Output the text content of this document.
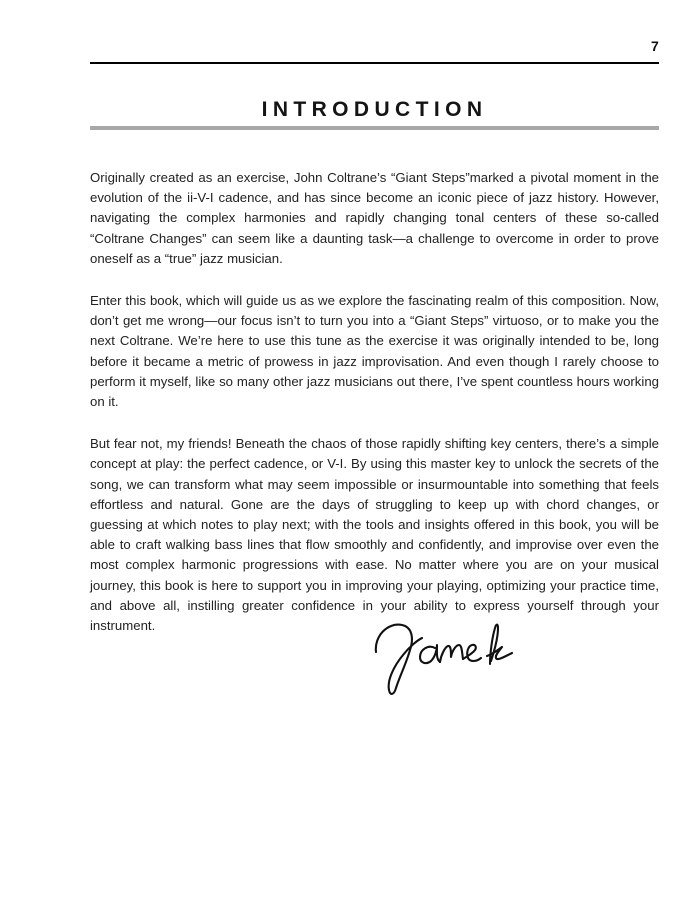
7
INTRODUCTION

Originally created as an exercise, John Coltrane’s “Giant Steps”marked a pivotal moment in the evolution of the ii-V-I cadence, and has since become an iconic piece of jazz history. However, navigating the complex harmonies and rapidly changing tonal centers of these so-called “Coltrane Changes” can seem like a daunting task—a challenge to overcome in order to prove oneself as a “true” jazz musician.

Enter this book, which will guide us as we explore the fascinating realm of this composition. Now, don’t get me wrong—our focus isn’t to turn you into a “Giant Steps” virtuoso, or to make you the next Coltrane. We’re here to use this tune as the exercise it was originally intended to be, long before it became a metric of prowess in jazz improvisation. And even though I rarely choose to perform it myself, like so many other jazz musicians out there, I’ve spent countless hours working on it.

But fear not, my friends! Beneath the chaos of those rapidly shifting key centers, there’s a simple concept at play: the perfect cadence, or V-I. By using this master key to unlock the secrets of the song, we can transform what may seem impossible or insurmountable into something that feels effortless and natural. Gone are the days of struggling to keep up with chord changes, or guessing at which notes to play next; with the tools and insights offered in this book, you will be able to craft walking bass lines that flow smoothly and confidently, and improvise over even the most complex harmonic progressions with ease. No matter where you are on your musical journey, this book is here to support you in improving your playing, optimizing your practice time, and above all, instilling greater confidence in your ability to express yourself through your instrument.
